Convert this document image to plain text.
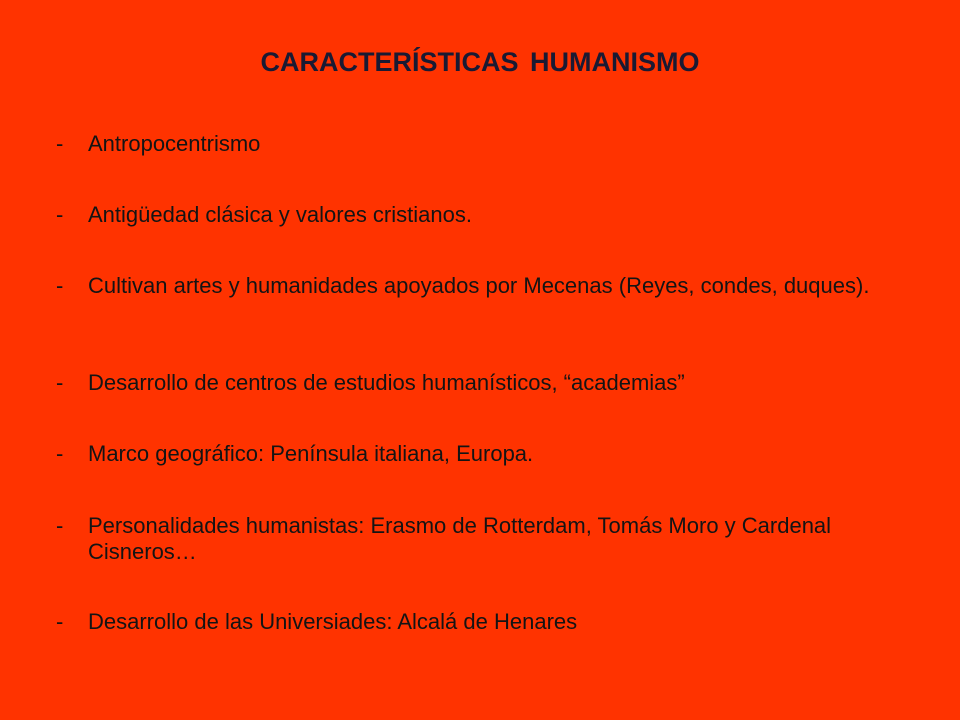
CARACTERÍSTICAS HUMANISMO
-	Antropocentrismo
-	Antigüedad clásica y valores cristianos.
-	Cultivan artes y humanidades apoyados por Mecenas (Reyes, condes, duques).
-	Desarrollo de centros de estudios humanísticos, “academias”
-	Marco geográfico: Península italiana, Europa.
-	Personalidades humanistas: Erasmo de Rotterdam, Tomás Moro y Cardenal Cisneros…
-	Desarrollo de las Universiades: Alcalá de Henares
